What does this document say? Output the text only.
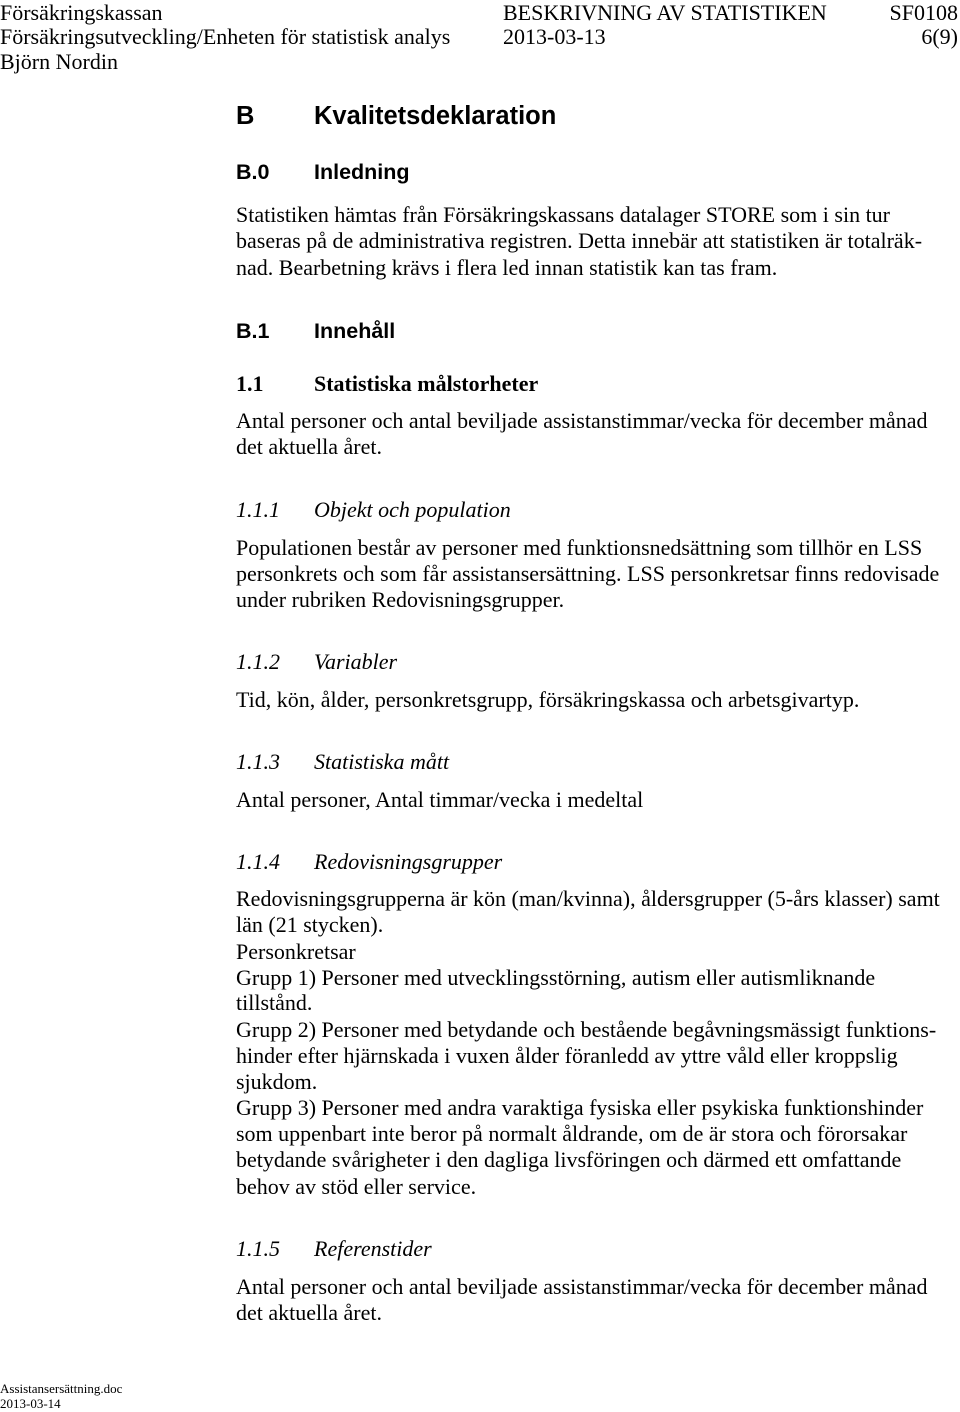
Försäkringskassan	BESKRIVNING AV STATISTIKEN	SF0108
Försäkringsutveckling/Enheten för statistisk analys 2013-03-13	6(9)
Björn Nordin
B Kvalitetsdeklaration
B.0 Inledning
Statistiken hämtas från Försäkringskassans datalager STORE som i sin tur
baseras på de administrativa registren. Detta innebär att statistiken är totalräk-
nad. Bearbetning krävs i flera led innan statistik kan tas fram.
B.1 Innehåll
1.1 Statistiska målstorheter
Antal personer och antal beviljade assistanstimmar/vecka för december månad
det aktuella året.
1.1.1 Objekt och population
Populationen består av personer med funktionsnedsättning som tillhör en LSS
personkrets och som får assistansersättning. LSS personkretsar finns redovisade
under rubriken Redovisningsgrupper.
1.1.2 Variabler
Tid, kön, ålder, personkretsgrupp, försäkringskassa och arbetsgivartyp.
1.1.3 Statistiska mått
Antal personer, Antal timmar/vecka i medeltal
1.1.4 Redovisningsgrupper
Redovisningsgrupperna är kön (man/kvinna), åldersgrupper (5-års klasser) samt
län (21 stycken).
Personkretsar
Grupp 1) Personer med utvecklingsstörning, autism eller autismliknande
tillstånd.
Grupp 2) Personer med betydande och bestående begåvningsmässigt funktions-
hinder efter hjärnskada i vuxen ålder föranledd av yttre våld eller kroppslig
sjukdom.
Grupp 3) Personer med andra varaktiga fysiska eller psykiska funktionshinder
som uppenbart inte beror på normalt åldrande, om de är stora och förorsakar
betydande svårigheter i den dagliga livsföringen och därmed ett omfattande
behov av stöd eller service.
1.1.5 Referenstider
Antal personer och antal beviljade assistanstimmar/vecka för december månad
det aktuella året.
Assistansersättning.doc
2013-03-14
